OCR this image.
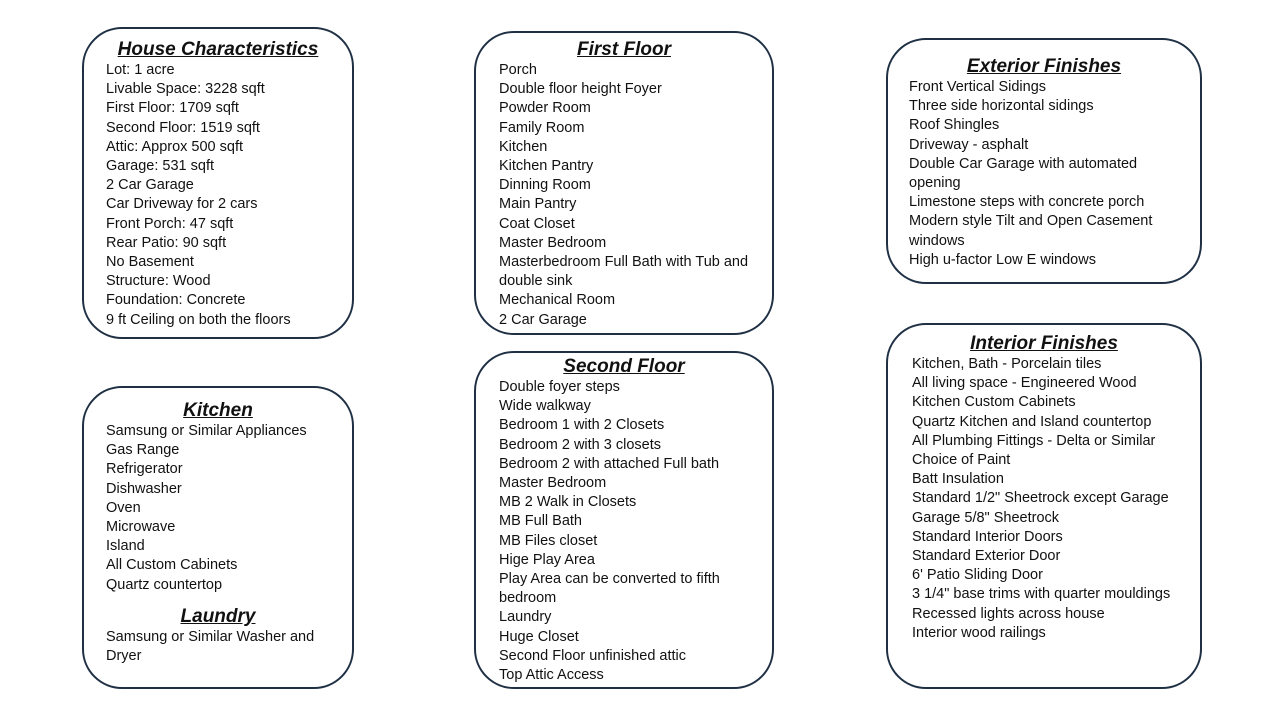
House Characteristics
Lot: 1 acre
Livable Space: 3228 sqft
First Floor: 1709 sqft
Second Floor: 1519 sqft
Attic: Approx 500 sqft
Garage: 531 sqft
2 Car Garage
Car Driveway for 2 cars
Front Porch: 47 sqft
Rear Patio: 90 sqft
No Basement
Structure: Wood
Foundation: Concrete
9 ft Ceiling on both the floors
Kitchen
Samsung or Similar Appliances
Gas Range
Refrigerator
Dishwasher
Oven
Microwave
Island
All Custom Cabinets
Quartz countertop
Laundry
Samsung or Similar Washer and Dryer
First Floor
Porch
Double floor height Foyer
Powder Room
Family Room
Kitchen
Kitchen Pantry
Dinning Room
Main Pantry
Coat Closet
Master Bedroom
Masterbedroom Full Bath with Tub and double sink
Mechanical Room
2 Car Garage
Second Floor
Double foyer steps
Wide walkway
Bedroom 1 with 2 Closets
Bedroom 2 with 3 closets
Bedroom 2 with attached Full bath
Master Bedroom
MB 2 Walk in Closets
MB Full Bath
MB Files closet
Hige Play Area
Play Area can be converted to fifth bedroom
Laundry
Huge Closet
Second Floor unfinished attic
Top Attic Access
Exterior Finishes
Front Vertical Sidings
Three side horizontal sidings
Roof Shingles
Driveway - asphalt
Double Car Garage with automated opening
Limestone steps with concrete porch
Modern style Tilt and Open Casement windows
High u-factor Low E windows
Interior Finishes
Kitchen, Bath - Porcelain tiles
All living space - Engineered Wood
Kitchen Custom Cabinets
Quartz Kitchen and Island countertop
All Plumbing Fittings - Delta or Similar
Choice of Paint
Batt Insulation
Standard 1/2" Sheetrock except Garage
Garage 5/8" Sheetrock
Standard Interior Doors
Standard Exterior Door
6' Patio Sliding Door
3 1/4" base trims with quarter mouldings
Recessed lights across house
Interior wood railings
